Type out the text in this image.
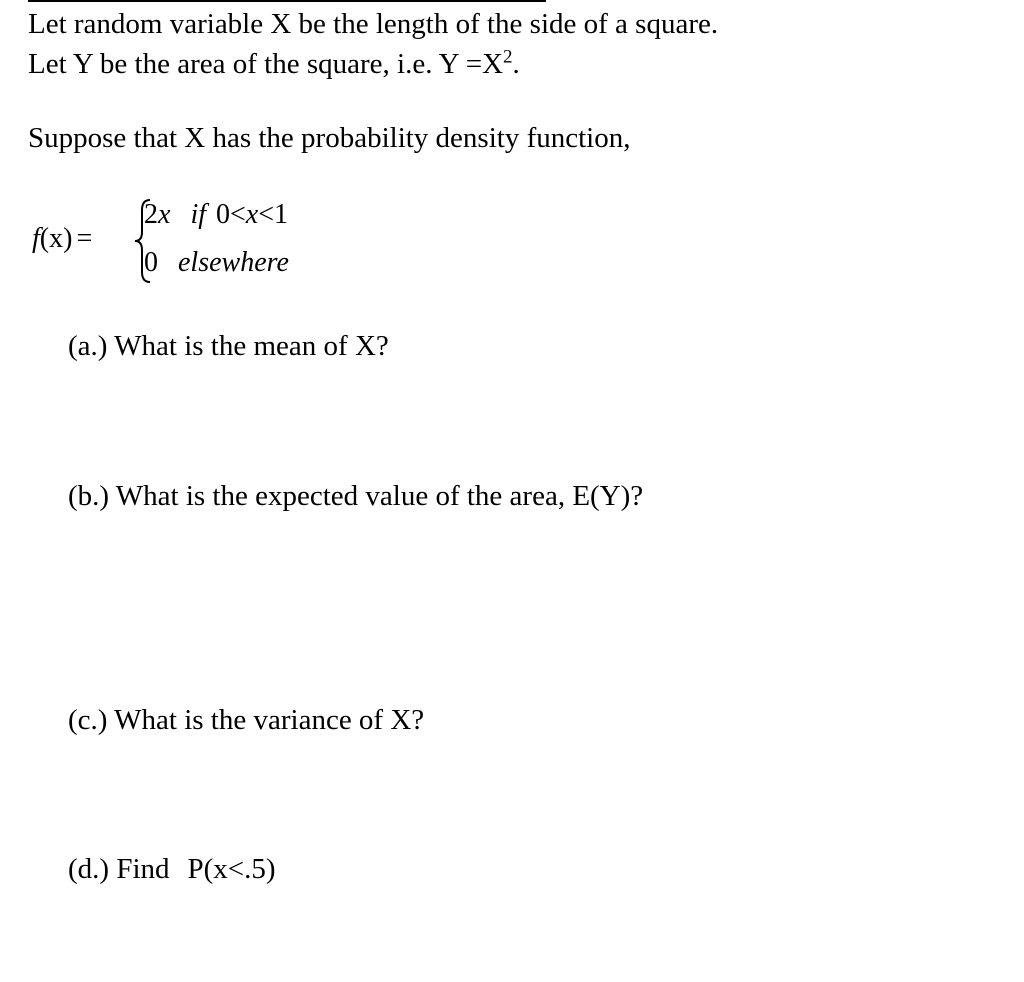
Let random variable X be the length of the side of a square.
Let Y be the area of the square, i.e. $Y =X^2$.
Suppose that X has the probability density function,
f(x) =
2x if 0<x<1
0 elsewhere
(a.) What is the mean of X?
(b.) What is the expected value of the area, E(Y)?
(c.) What is the variance of X?
(d.) Find P(x<.5)
